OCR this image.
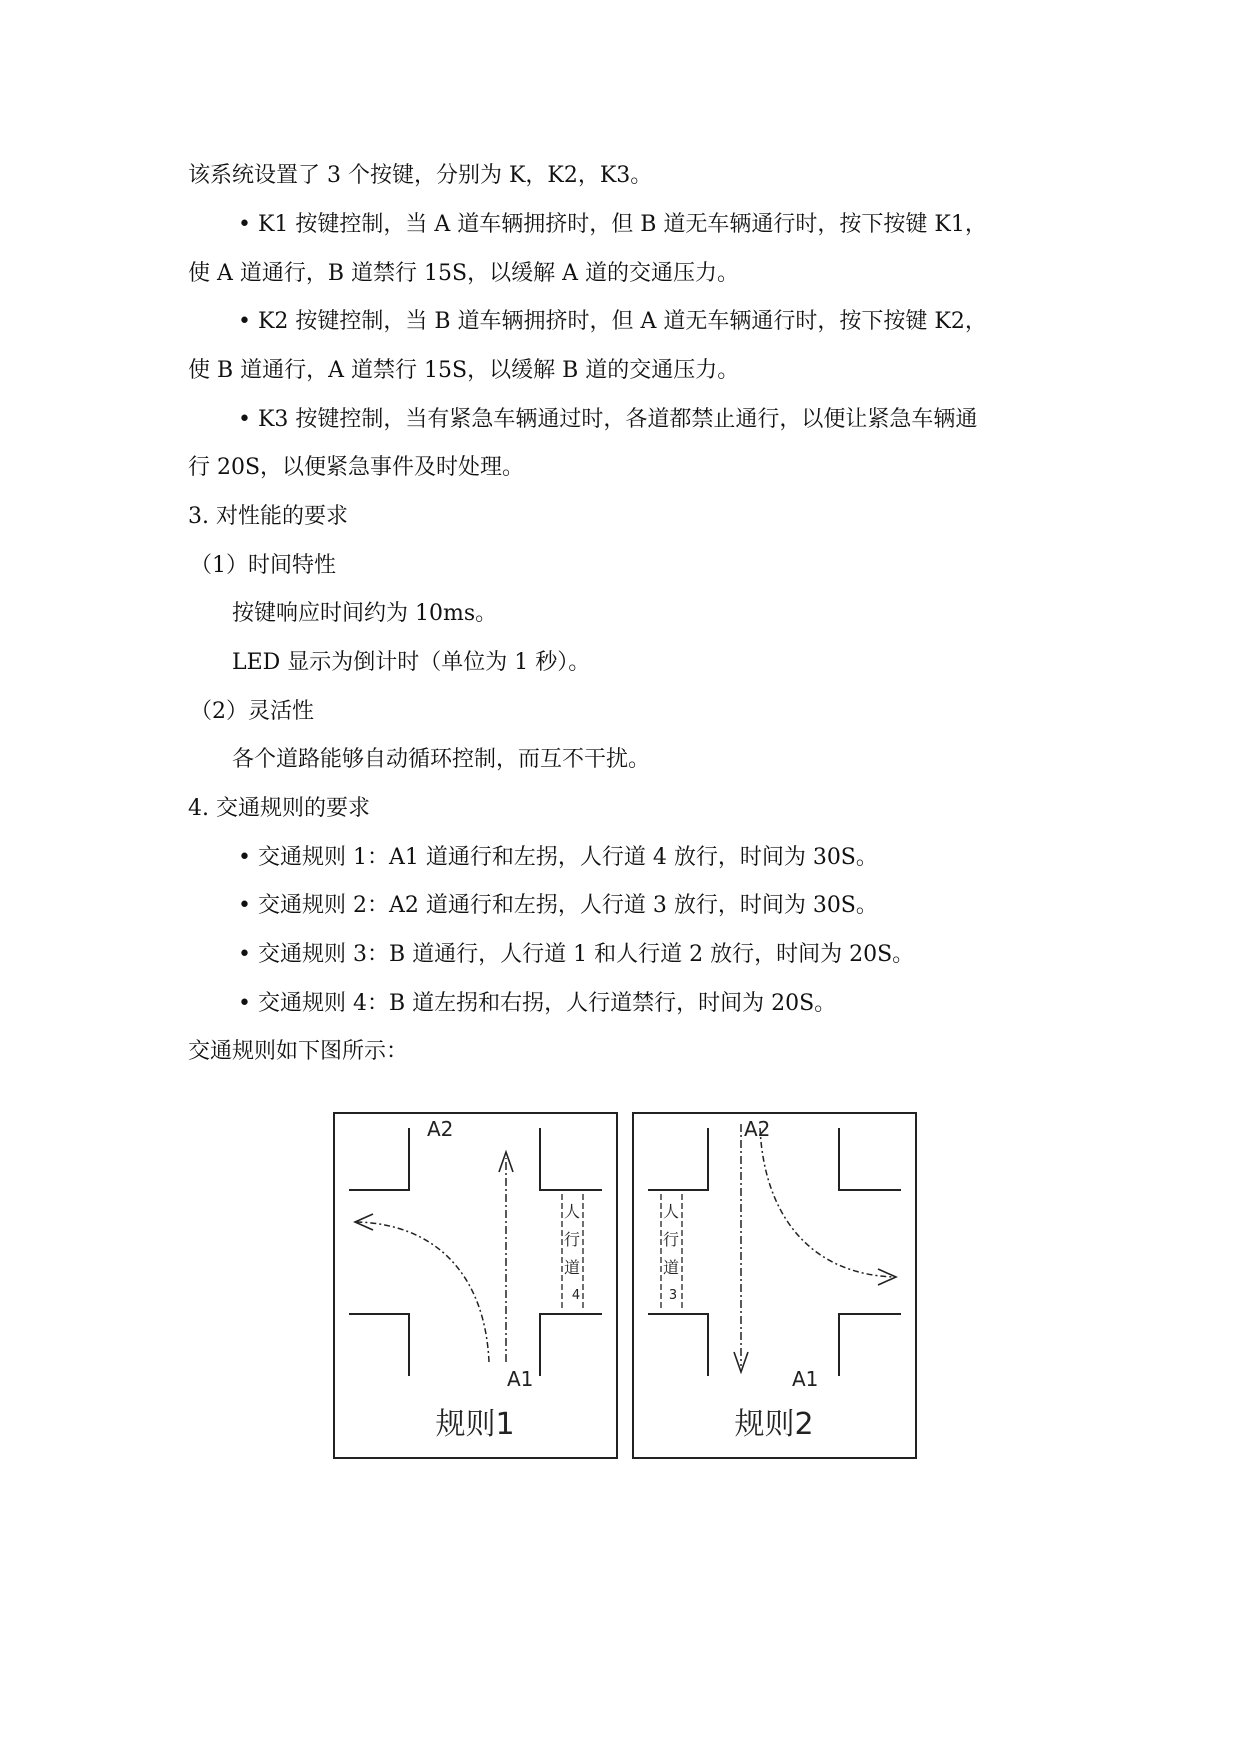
该系统设置了 3 个按键，分别为 K，K2，K3。
• K1 按键控制，当 A 道车辆拥挤时，但 B 道无车辆通行时，按下按键 K1，
使 A 道通行，B 道禁行 15S，以缓解 A 道的交通压力。
• K2 按键控制，当 B 道车辆拥挤时，但 A 道无车辆通行时，按下按键 K2，
使 B 道通行，A 道禁行 15S，以缓解 B 道的交通压力。
• K3 按键控制，当有紧急车辆通过时，各道都禁止通行，以便让紧急车辆通
行 20S，以便紧急事件及时处理。
3. 对性能的要求
（1）时间特性
按键响应时间约为 10ms。
LED 显示为倒计时（单位为 1 秒）。
（2）灵活性
各个道路能够自动循环控制，而互不干扰。
4. 交通规则的要求
• 交通规则 1：A1 道通行和左拐，人行道 4 放行，时间为 30S。
• 交通规则 2：A2 道通行和左拐，人行道 3 放行，时间为 30S。
• 交通规则 3：B 道通行，人行道 1 和人行道 2 放行，时间为 20S。
• 交通规则 4：B 道左拐和右拐，人行道禁行，时间为 20S。
交通规则如下图所示：
人
行
道
4
A2
A1
规则1
人
行
道
3
A2
A1
规则2
